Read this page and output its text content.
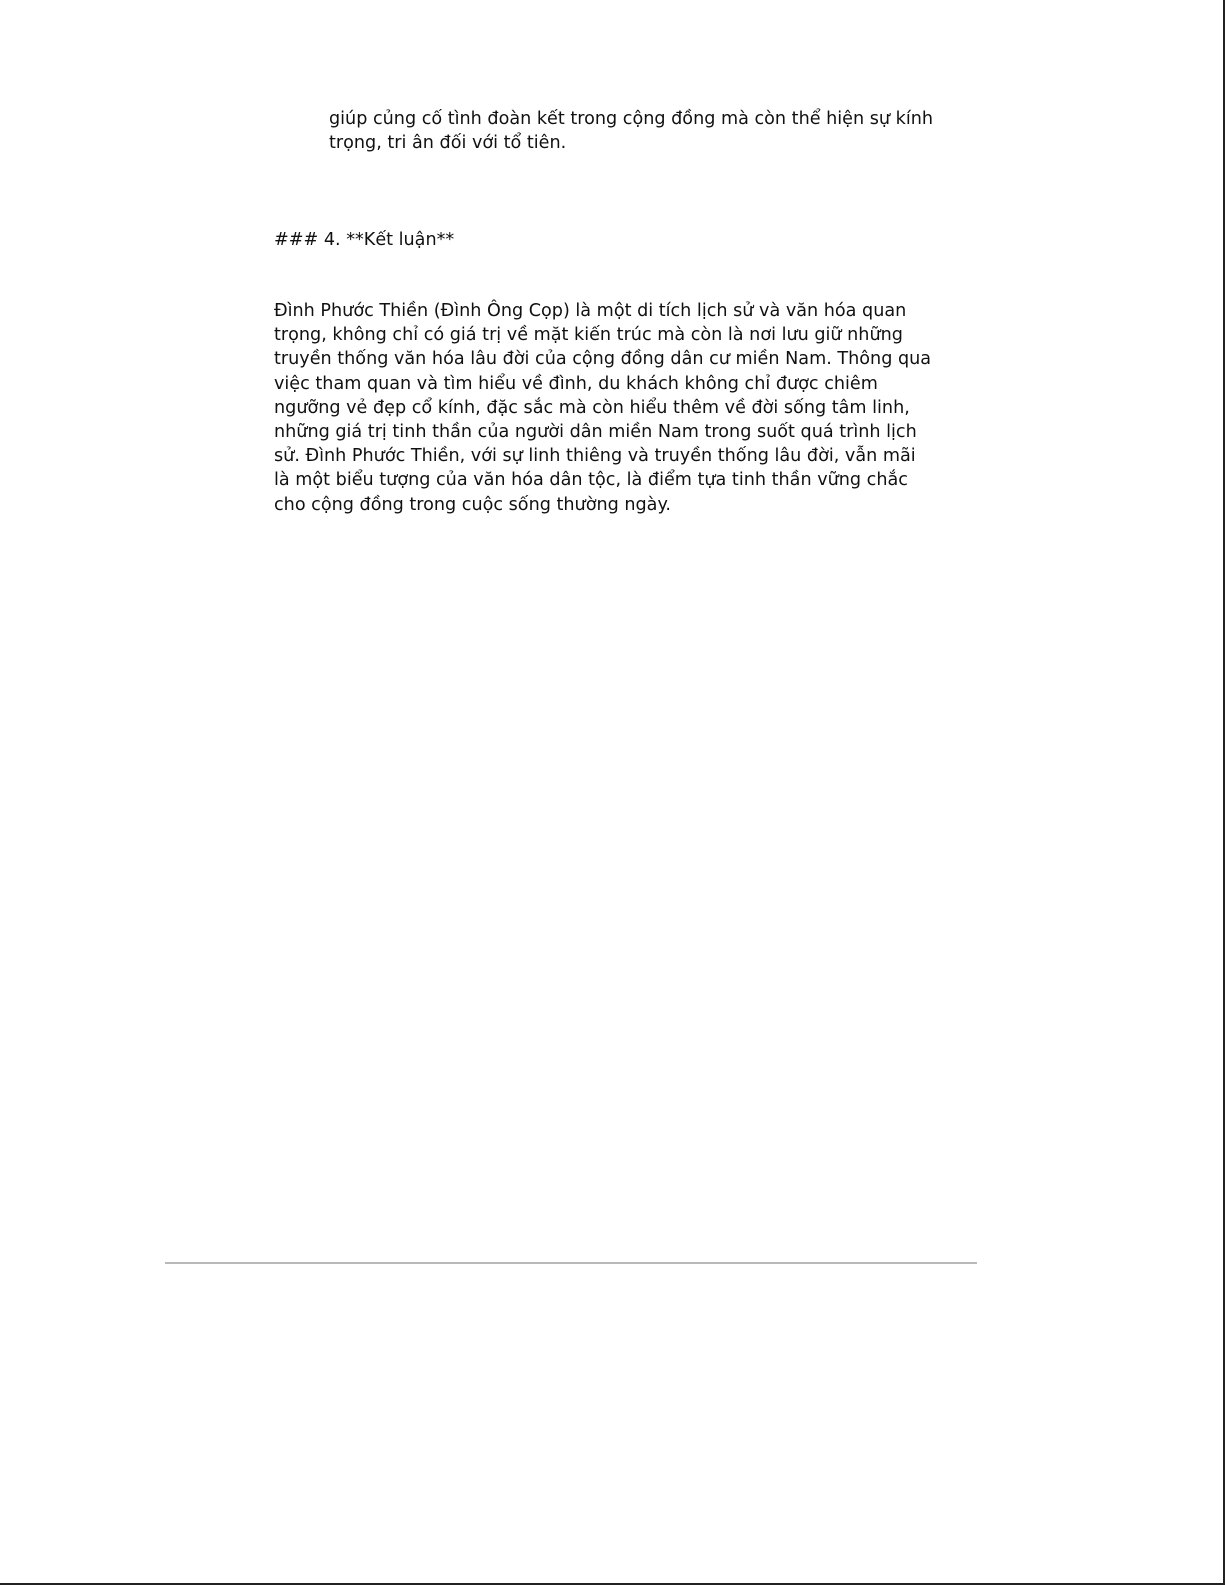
giúp củng cố tình đoàn kết trong cộng đồng mà còn thể hiện sự kính
trọng, tri ân đối với tổ tiên.
### 4. **Kết luận**
Đình Phước Thiền (Đình Ông Cọp) là một di tích lịch sử và văn hóa quan
trọng, không chỉ có giá trị về mặt kiến trúc mà còn là nơi lưu giữ những
truyền thống văn hóa lâu đời của cộng đồng dân cư miền Nam. Thông qua
việc tham quan và tìm hiểu về đình, du khách không chỉ được chiêm
ngưỡng vẻ đẹp cổ kính, đặc sắc mà còn hiểu thêm về đời sống tâm linh,
những giá trị tinh thần của người dân miền Nam trong suốt quá trình lịch
sử. Đình Phước Thiền, với sự linh thiêng và truyền thống lâu đời, vẫn mãi
là một biểu tượng của văn hóa dân tộc, là điểm tựa tinh thần vững chắc
cho cộng đồng trong cuộc sống thường ngày.
